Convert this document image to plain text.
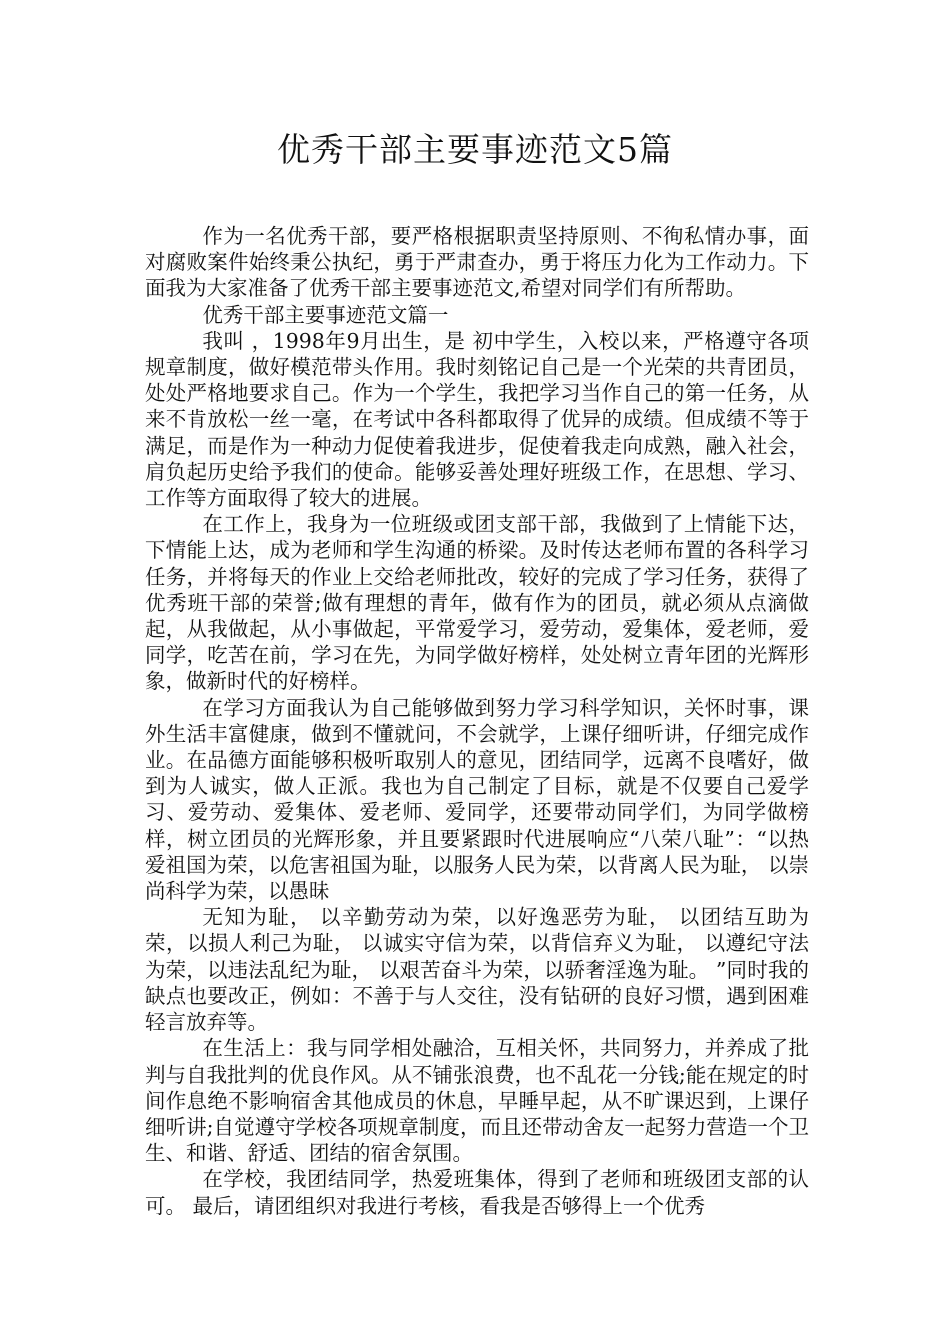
优秀干部主要事迹范文5篇

作为一名优秀干部，要严格根据职责坚持原则、不徇私情办事，面对腐败案件始终秉公执纪，勇于严肃查办，勇于将压力化为工作动力。下面我为大家准备了优秀干部主要事迹范文,希望对同学们有所帮助。

优秀干部主要事迹范文篇一

我叫 ，1998年9月出生，是 初中学生，入校以来，严格遵守各项规章制度，做好模范带头作用。我时刻铭记自己是一个光荣的共青团员，处处严格地要求自己。作为一个学生，我把学习当作自己的第一任务，从来不肯放松一丝一毫，在考试中各科都取得了优异的成绩。但成绩不等于满足，而是作为一种动力促使着我进步，促使着我走向成熟，融入社会，肩负起历史给予我们的使命。能够妥善处理好班级工作，在思想、学习、工作等方面取得了较大的进展。

在工作上，我身为一位班级或团支部干部，我做到了上情能下达，下情能上达，成为老师和学生沟通的桥梁。及时传达老师布置的各科学习任务，并将每天的作业上交给老师批改，较好的完成了学习任务，获得了优秀班干部的荣誉;做有理想的青年，做有作为的团员，就必须从点滴做起，从我做起，从小事做起，平常爱学习，爱劳动，爱集体，爱老师，爱同学，吃苦在前，学习在先，为同学做好榜样，处处树立青年团的光辉形象，做新时代的好榜样。

在学习方面我认为自己能够做到努力学习科学知识，关怀时事，课外生活丰富健康，做到不懂就问，不会就学，上课仔细听讲，仔细完成作业。在品德方面能够积极听取别人的意见，团结同学，远离不良嗜好，做到为人诚实，做人正派。我也为自己制定了目标，就是不仅要自己爱学习、爱劳动、爱集体、爱老师、爱同学，还要带动同学们，为同学做榜样，树立团员的光辉形象，并且要紧跟时代进展响应“八荣八耻”：“以热爱祖国为荣，以危害祖国为耻，以服务人民为荣，以背离人民为耻， 以崇尚科学为荣，以愚昧

无知为耻， 以辛勤劳动为荣，以好逸恶劳为耻， 以团结互助为荣，以损人利己为耻， 以诚实守信为荣，以背信弃义为耻， 以遵纪守法为荣，以违法乱纪为耻， 以艰苦奋斗为荣，以骄奢淫逸为耻。 ”同时我的缺点也要改正，例如：不善于与人交往，没有钻研的良好习惯，遇到困难轻言放弃等。

在生活上：我与同学相处融洽，互相关怀，共同努力，并养成了批判与自我批判的优良作风。从不铺张浪费，也不乱花一分钱;能在规定的时间作息绝不影响宿舍其他成员的休息，早睡早起，从不旷课迟到，上课仔细听讲;自觉遵守学校各项规章制度，而且还带动舍友一起努力营造一个卫生、和谐、舒适、团结的宿舍氛围。

在学校，我团结同学，热爱班集体，得到了老师和班级团支部的认可。 最后，请团组织对我进行考核，看我是否够得上一个优秀
